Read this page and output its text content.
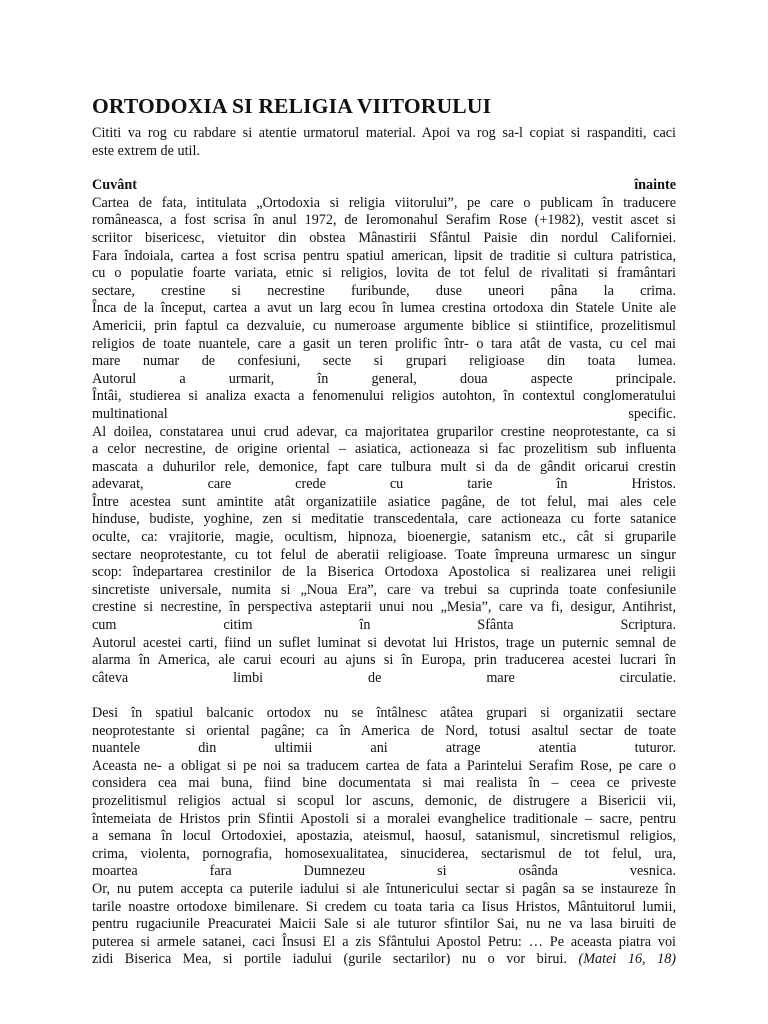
ORTODOXIA SI RELIGIA VIITORULUI
Cititi va rog cu rabdare si atentie urmatorul material. Apoi va rog sa-l copiat si raspanditi, caci
este extrem de util.
Cuvânt	înainte
Cartea de fata, intitulata „Ortodoxia si religia viitorului”, pe care o publicam în traducere
româneasca, a fost scrisa în anul 1972, de Ieromonahul Serafim Rose (+1982), vestit ascet si
scriitor bisericesc, vietuitor din obstea Mânastirii Sfântul Paisie din nordul Californiei.
Fara îndoiala, cartea a fost scrisa pentru spatiul american, lipsit de traditie si cultura patristica,
cu o populatie foarte variata, etnic si religios, lovita de tot felul de rivalitati si framântari
sectare, crestine si necrestine furibunde, duse uneori pâna la crima.
Înca de la început, cartea a avut un larg ecou în lumea crestina ortodoxa din Statele Unite ale
Americii, prin faptul ca dezvaluie, cu numeroase argumente biblice si stiintifice, prozelitismul
religios de toate nuantele, care a gasit un teren prolific într- o tara atât de vasta, cu cel mai
mare numar de confesiuni, secte si grupari religioase din toata lumea.
Autorul a urmarit, în general, doua aspecte principale.
Întâi, studierea si analiza exacta a fenomenului religios autohton, în contextul conglomeratului
multinational specific.
Al doilea, constatarea unui crud adevar, ca majoritatea gruparilor crestine neoprotestante, ca si
a celor necrestine, de origine oriental – asiatica, actioneaza si fac prozelitism sub influenta
mascata a duhurilor rele, demonice, fapt care tulbura mult si da de gândit oricarui crestin
adevarat, care crede cu tarie în Hristos.
Între acestea sunt amintite atât organizatiile asiatice pagâne, de tot felul, mai ales cele
hinduse, budiste, yoghine, zen si meditatie transcedentala, care actioneaza cu forte satanice
oculte, ca: vrajitorie, magie, ocultism, hipnoza, bioenergie, satanism etc., cât si gruparile
sectare neoprotestante, cu tot felul de aberatii religioase. Toate împreuna urmaresc un singur
scop: îndepartarea crestinilor de la Biserica Ortodoxa Apostolica si realizarea unei religii
sincretiste universale, numita si „Noua Era”, care va trebui sa cuprinda toate confesiunile
crestine si necrestine, în perspectiva asteptarii unui nou „Mesia”, care va fi, desigur, Antihrist,
cum citim în Sfânta Scriptura.
Autorul acestei carti, fiind un suflet luminat si devotat lui Hristos, trage un puternic semnal de
alarma în America, ale carui ecouri au ajuns si în Europa, prin traducerea acestei lucrari în
câteva limbi de mare circulatie.
Desi în spatiul balcanic ortodox nu se întâlnesc atâtea grupari si organizatii sectare
neoprotestante si oriental pagâne; ca în America de Nord, totusi asaltul sectar de toate
nuantele din ultimii ani atrage atentia tuturor.
Aceasta ne- a obligat si pe noi sa traducem cartea de fata a Parintelui Serafim Rose, pe care o
considera cea mai buna, fiind bine documentata si mai realista în – ceea ce priveste
prozelitismul religios actual si scopul lor ascuns, demonic, de distrugere a Bisericii vii,
întemeiata de Hristos prin Sfintii Apostoli si a moralei evanghelice traditionale – sacre, pentru
a semana în locul Ortodoxiei, apostazia, ateismul, haosul, satanismul, sincretismul religios,
crima, violenta, pornografia, homosexualitatea, sinuciderea, sectarismul de tot felul, ura,
moartea fara Dumnezeu si osânda vesnica.
Or, nu putem accepta ca puterile iadului si ale întunericului sectar si pagân sa se instaureze în
tarile noastre ortodoxe bimilenare. Si credem cu toata taria ca Iisus Hristos, Mântuitorul lumii,
pentru rugaciunile Preacuratei Maicii Sale si ale tuturor sfintilor Sai, nu ne va lasa biruiti de
puterea si armele satanei, caci Însusi El a zis Sfântului Apostol Petru: … Pe aceasta piatra voi
zidi Biserica Mea, si portile iadului (gurile sectarilor) nu o vor birui. (Matei 16, 18)
